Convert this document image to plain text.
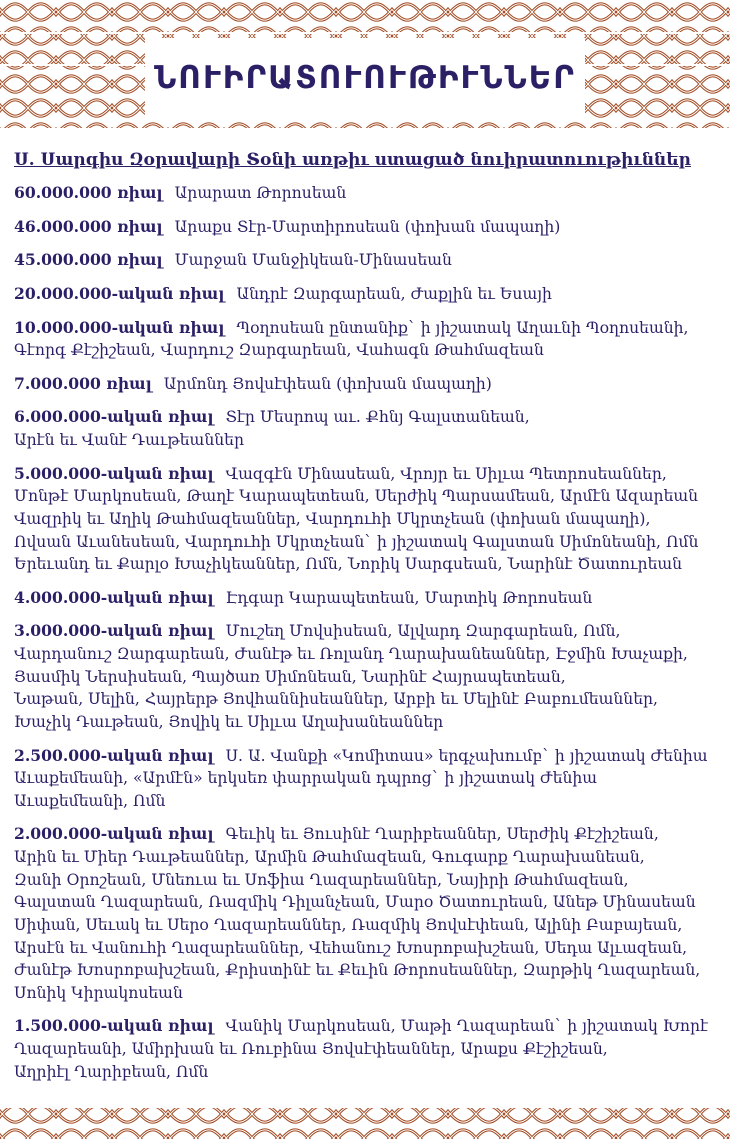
ՆՈՒԻՐԱՏՈՒՈՒԹԻՒՆՆԵՐ
Ս. Սարգիս Զօրավարի Տօնի առթիւ ստացած նուիրատուութիւններ
60.000.000 ռիալ Արարատ Թորոսեան
46.000.000 ռիալ Արաքս Տէր-Մարտիրոսեան (փոխան մապաղի)
45.000.000 ռիալ Մարջան Մանջիկեան-Մինասեան
20.000.000-ական ռիալ Անդրէ Զարգարեան, Ժաքլին եւ Եսայի
10.000.000-ական ռիալ Պօղոսեան ընտանիք` ի յիշատակ Աղաւնի Պօղոսեանի,
Գէորգ Քէշիշեան, Վարդուշ Զարգարեան, Վահագն Թահմազեան
7.000.000 ռիալ Արմոնդ Յովսէփեան (փոխան մապաղի)
6.000.000-ական ռիալ Տէր Մեսրոպ աւ. Քհնյ Գալստանեան,
Արէն եւ Վանէ Դաւթեաններ
5.000.000-ական ռիալ Վազգէն Մինասեան, Վրոյր եւ Սիլւա Պետրոսեաններ,
Մոնթէ Մարկոսեան, Թաղէ Կարապետեան, Սերժիկ Պարսամեան, Արմէն Ազարեան
Վազրիկ եւ Աղիկ Թահմազեաններ, Վարդուհի Մկրտչեան (փոխան մապաղի),
Ովսան Աւանեսեան, Վարդուհի Մկրտչեան` ի յիշատակ Գալստան Սիմոնեանի, Ոմն
Երեւանդ եւ Քարլօ Խաչիկեաններ, Ոմն, Նորիկ Սարգսեան, Նարինէ Ծատուրեան
4.000.000-ական ռիալ Էդգար Կարապետեան, Մարտիկ Թորոսեան
3.000.000-ական ռիալ Մուշեղ Մովսիսեան, Ալվարդ Զարգարեան, Ոմն,
Վարդանուշ Զարգարեան, Ժանէթ եւ Ռոլանդ Ղարախանեաններ, Էջմին Խաչաքի,
Յասմիկ Ներսիսեան, Պայծառ Սիմոնեան, Նարինէ Հայրապետեան,
Նաթան, Սելին, Հայրերթ Յովհաննիսեաններ, Արբի եւ Մելինէ Բաբումեաններ,
Խաչիկ Դաւթեան, Յովիկ եւ Սիլւա Աղախանեաններ
2.500.000-ական ռիալ Ս. Ա. Վանքի «Կոմիտաս» երգչախումբ` ի յիշատակ Ժենիա
Աւաքեմեանի, «Արմէն» երկսեռ փարրական դպրոց` ի յիշատակ Ժենիա
Աւաքեմեանի, Ոմն
2.000.000-ական ռիալ Գեւիկ եւ Յուսինէ Ղարիբեաններ, Սերժիկ Քէշիշեան,
Արին եւ Միեր Դաւթեաններ, Արմին Թահմազեան, Գուգարք Ղարախանեան,
Զանի Օրոշեան, Մնեուա եւ Սոֆիա Ղազարեաններ, Նայիրի Թահմազեան,
Գալստան Ղազարեան, Ռազմիկ Դիլանչեան, Մարօ Ծատուրեան, Անեթ Մինասեան
Սիփան, Սեւակ եւ Սերօ Ղազարեաններ, Ռազմիկ Յովսէփեան, Ալինի Բաբայեան,
Արսէն եւ Վանուհի Ղազարեաններ, Վեհանուշ Խոսրոբախշեան, Սեդա Ալւազեան,
Ժանէթ Խոսրոբախշեան, Քրիստինէ եւ Քեւին Թորոսեաններ, Զարթիկ Ղազարեան,
Սոնիկ Կիրակոսեան
1.500.000-ական ռիալ Վանիկ Մարկոսեան, Մաթի Ղազարեան` ի յիշատակ Խորէ
Ղազարեանի, Ամիրխան եւ Ռուբինա Յովսէփեաններ, Արաքս Քէշիշեան,
Աղրիէլ Ղարիբեան, Ոմն
